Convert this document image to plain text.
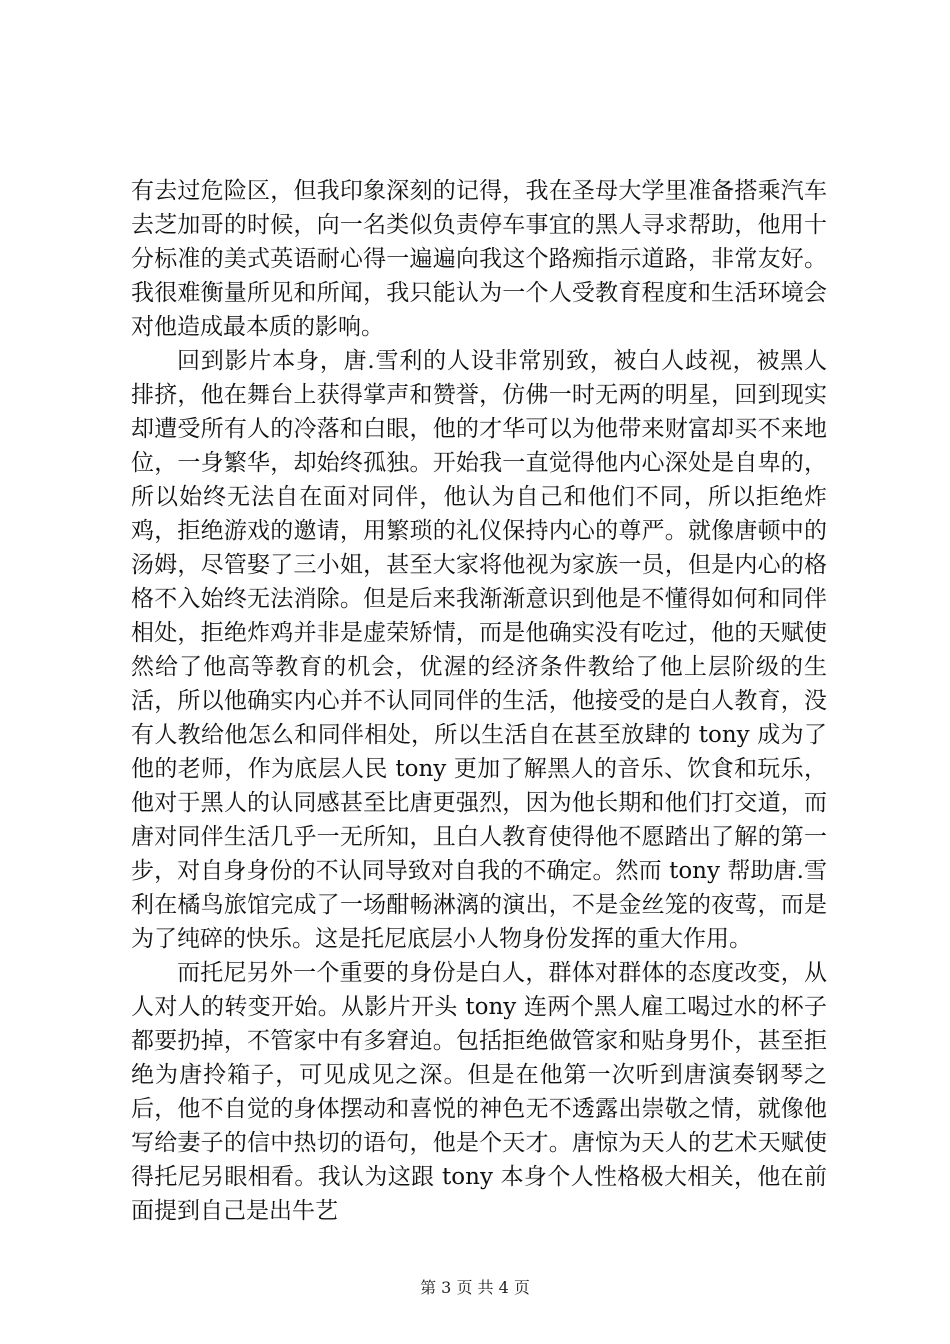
有去过危险区，但我印象深刻的记得，我在圣母大学里准备搭乘汽车去芝加哥的时候，向一名类似负责停车事宜的黑人寻求帮助，他用十分标准的美式英语耐心得一遍遍向我这个路痴指示道路，非常友好。我很难衡量所见和所闻，我只能认为一个人受教育程度和生活环境会对他造成最本质的影响。

回到影片本身，唐.雪利的人设非常别致，被白人歧视，被黑人排挤，他在舞台上获得掌声和赞誉，仿佛一时无两的明星，回到现实却遭受所有人的冷落和白眼，他的才华可以为他带来财富却买不来地位，一身繁华，却始终孤独。开始我一直觉得他内心深处是自卑的，所以始终无法自在面对同伴，他认为自己和他们不同，所以拒绝炸鸡，拒绝游戏的邀请，用繁琐的礼仪保持内心的尊严。就像唐顿中的汤姆，尽管娶了三小姐，甚至大家将他视为家族一员，但是内心的格格不入始终无法消除。但是后来我渐渐意识到他是不懂得如何和同伴相处，拒绝炸鸡并非是虚荣矫情，而是他确实没有吃过，他的天赋使然给了他高等教育的机会，优渥的经济条件教给了他上层阶级的生活，所以他确实内心并不认同同伴的生活，他接受的是白人教育，没有人教给他怎么和同伴相处，所以生活自在甚至放肆的 tony 成为了他的老师，作为底层人民 tony 更加了解黑人的音乐、饮食和玩乐，他对于黑人的认同感甚至比唐更强烈，因为他长期和他们打交道，而唐对同伴生活几乎一无所知，且白人教育使得他不愿踏出了解的第一步，对自身身份的不认同导致对自我的不确定。然而 tony 帮助唐.雪利在橘鸟旅馆完成了一场酣畅淋漓的演出，不是金丝笼的夜莺，而是为了纯碎的快乐。这是托尼底层小人物身份发挥的重大作用。

而托尼另外一个重要的身份是白人，群体对群体的态度改变，从人对人的转变开始。从影片开头 tony 连两个黑人雇工喝过水的杯子都要扔掉，不管家中有多窘迫。包括拒绝做管家和贴身男仆，甚至拒绝为唐拎箱子，可见成见之深。但是在他第一次听到唐演奏钢琴之后，他不自觉的身体摆动和喜悦的神色无不透露出崇敬之情，就像他写给妻子的信中热切的语句，他是个天才。唐惊为天人的艺术天赋使得托尼另眼相看。我认为这跟 tony 本身个人性格极大相关，他在前面提到自己是出牛艺

第 3 页 共 4 页
